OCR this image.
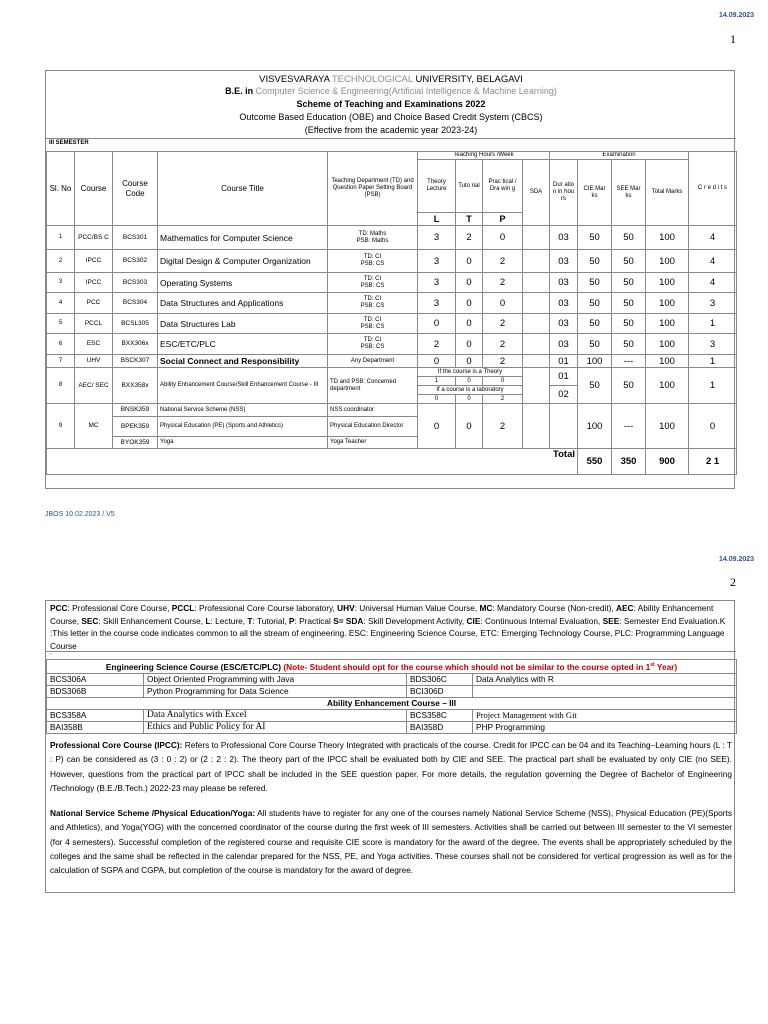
14.09.2023
1
VISVESVARAYA TECHNOLOGICAL UNIVERSITY, BELAGAVI
B.E. in Computer Science & Engineering(Artificial Intelligence & Machine Learning)
Scheme of Teaching and Examinations 2022
Outcome Based Education (OBE) and Choice Based Credit System (CBCS)
(Effective from the academic year 2023-24)
III SEMESTER
Sl. No	Course	Course Code	Course Title	Teaching Department (TD) and Question Paper Setting Board (PSB)	Teaching Hours /Week				Examination				C r e d i t s
					Theory Lecture	Tuto rial	Prac tical / Dra win g	SDA	Dur atio n in hou rs	CIE Mar ks	SEE Mar ks	Total Marks	
					L	T	P						
1	PCC/BS C	BCS301	Mathematics for Computer Science	TD: Maths
PSB: Maths	3	2	0		03	50	50	100	4
2	IPCC	BCS302	Digital Design & Computer Organization	TD: CI
PSB: CS	3	0	2		03	50	50	100	4
3	IPCC	BCS303	Operating Systems	TD: CI
PSB: CS	3	0	2		03	50	50	100	4
4	PCC	BCS304	Data Structures and Applications	TD: CI
PSB: CS	3	0	0		03	50	50	100	3
5	PCCL	BCSL305	Data Structures Lab	TD: CI
PSB: CS	0	0	2		03	50	50	100	1
6	ESC	BXX306x	ESC/ETC/PLC	TD: CI
PSB: CS	2	0	2		03	50	50	100	3
7	UHV	BSCK307	Social Connect and Responsibility	Any Department	0	0	2		01	100	---	100	1
8	AEC/ SEC	BXX358x	Ability Enhancement Course/Skill Enhancement Course - III	TD and PSB: Concerned department	If the course is a Theory				01	50	50	100	1
					1	0	0						
					If a course is a laboratory				02				
					0	0	2						
9	MC	BNSK359	National Service Scheme (NSS)	NSS coordinator	0	0	2			100	---	100	0
		BPEK359	Physical Education (PE) (Sports and Athletics)	Physical Education Director									
		BYOK359	Yoga	Yoga Teacher									
Total										550	350	900	2 1
JBOS 10.02.2023 / V5
14.09.2023
2
PCC: Professional Core Course, PCCL: Professional Core Course laboratory, UHV: Universal Human Value Course, MC: Mandatory Course (Non-credit), AEC: Ability Enhancement Course, SEC: Skill Enhancement Course, L: Lecture, T: Tutorial, P: Practical S= SDA: Skill Development Activity, CIE: Continuous Internal Evaluation, SEE: Semester End Evaluation.K :This letter in the course code indicates common to all the stream of engineering. ESC: Engineering Science Course, ETC: Emerging Technology Course, PLC: Programming Language Course
.
Engineering Science Course (ESC/ETC/PLC) (Note- Student should opt for the course which should not be similar to the course opted in 1st Year)			
BCS306A	Object Oriented Programming with Java	BDS306C	Data Analytics with R
BDS306B	Python Programming for Data Science	BCI306D	
Ability Enhancement Course – III			
BCS358A	Data Analytics with Excel	BCS358C	Project Management with Git
BAI358B	Ethics and Public Policy for AI	BAI358D	PHP Programming
Professional Core Course (IPCC): Refers to Professional Core Course Theory Integrated with practicals of the course. Credit for IPCC can be 04 and its Teaching–Learning hours (L : T : P) can be considered as (3 : 0 : 2) or (2 : 2 : 2). The theory part of the IPCC shall be evaluated both by CIE and SEE. The practical part shall be evaluated by only CIE (no SEE). However, questions from the practical part of IPCC shall be included in the SEE question paper. For more details, the regulation governing the Degree of Bachelor of Engineering /Technology (B.E./B.Tech.) 2022-23 may please be refered.
National Service Scheme /Physical Education/Yoga: All students have to register for any one of the courses namely National Service Scheme (NSS), Physical Education (PE)(Sports and Athletics), and Yoga(YOG) with the concerned coordinator of the course during the first week of III semesters. Activities shall be carried out between III semester to the VI semester (for 4 semesters). Successful completion of the registered course and requisite CIE score is mandatory for the award of the degree. The events shall be appropriately scheduled by the colleges and the same shall be reflected in the calendar prepared for the NSS, PE, and Yoga activities. These courses shall not be considered for vertical progression as well as for the calculation of SGPA and CGPA, but completion of the course is mandatory for the award of degree.
